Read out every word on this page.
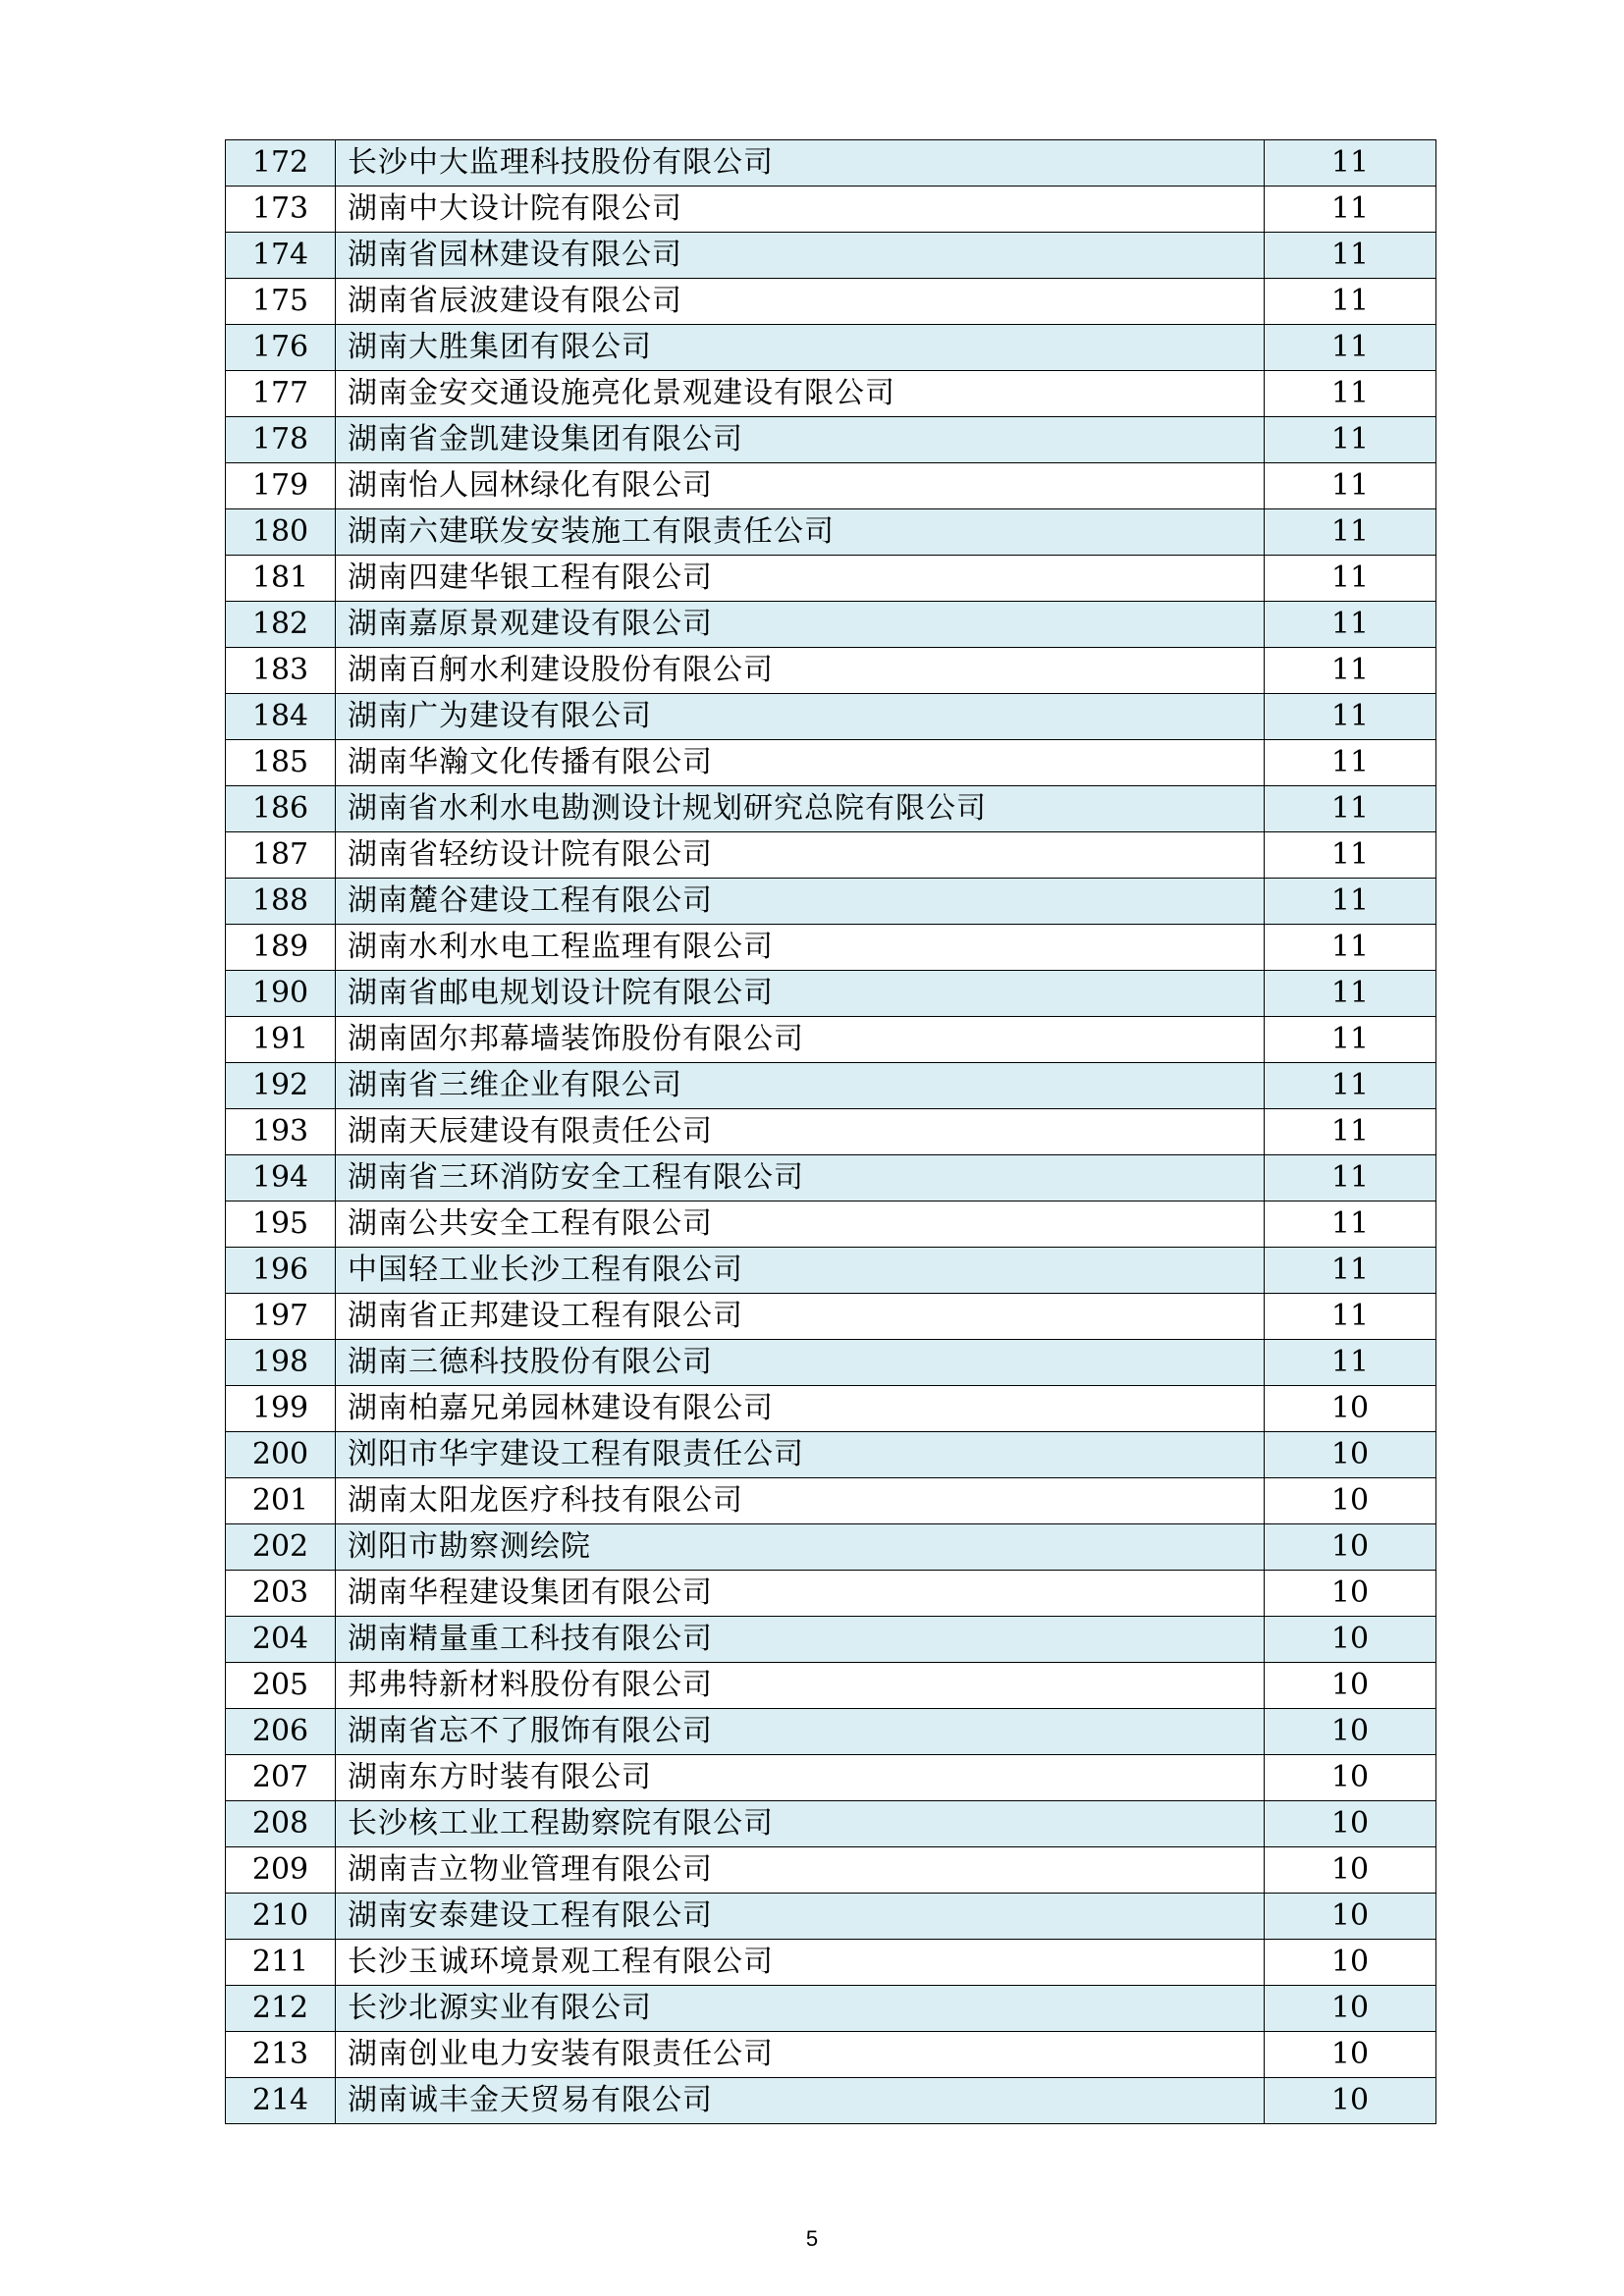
172	长沙中大监理科技股份有限公司	11
173	湖南中大设计院有限公司	11
174	湖南省园林建设有限公司	11
175	湖南省辰波建设有限公司	11
176	湖南大胜集团有限公司	11
177	湖南金安交通设施亮化景观建设有限公司	11
178	湖南省金凯建设集团有限公司	11
179	湖南怡人园林绿化有限公司	11
180	湖南六建联发安装施工有限责任公司	11
181	湖南四建华银工程有限公司	11
182	湖南嘉原景观建设有限公司	11
183	湖南百舸水利建设股份有限公司	11
184	湖南广为建设有限公司	11
185	湖南华瀚文化传播有限公司	11
186	湖南省水利水电勘测设计规划研究总院有限公司	11
187	湖南省轻纺设计院有限公司	11
188	湖南麓谷建设工程有限公司	11
189	湖南水利水电工程监理有限公司	11
190	湖南省邮电规划设计院有限公司	11
191	湖南固尔邦幕墙装饰股份有限公司	11
192	湖南省三维企业有限公司	11
193	湖南天辰建设有限责任公司	11
194	湖南省三环消防安全工程有限公司	11
195	湖南公共安全工程有限公司	11
196	中国轻工业长沙工程有限公司	11
197	湖南省正邦建设工程有限公司	11
198	湖南三德科技股份有限公司	11
199	湖南柏嘉兄弟园林建设有限公司	10
200	浏阳市华宇建设工程有限责任公司	10
201	湖南太阳龙医疗科技有限公司	10
202	浏阳市勘察测绘院	10
203	湖南华程建设集团有限公司	10
204	湖南精量重工科技有限公司	10
205	邦弗特新材料股份有限公司	10
206	湖南省忘不了服饰有限公司	10
207	湖南东方时装有限公司	10
208	长沙核工业工程勘察院有限公司	10
209	湖南吉立物业管理有限公司	10
210	湖南安泰建设工程有限公司	10
211	长沙玉诚环境景观工程有限公司	10
212	长沙北源实业有限公司	10
213	湖南创业电力安装有限责任公司	10
214	湖南诚丰金天贸易有限公司	10
5
